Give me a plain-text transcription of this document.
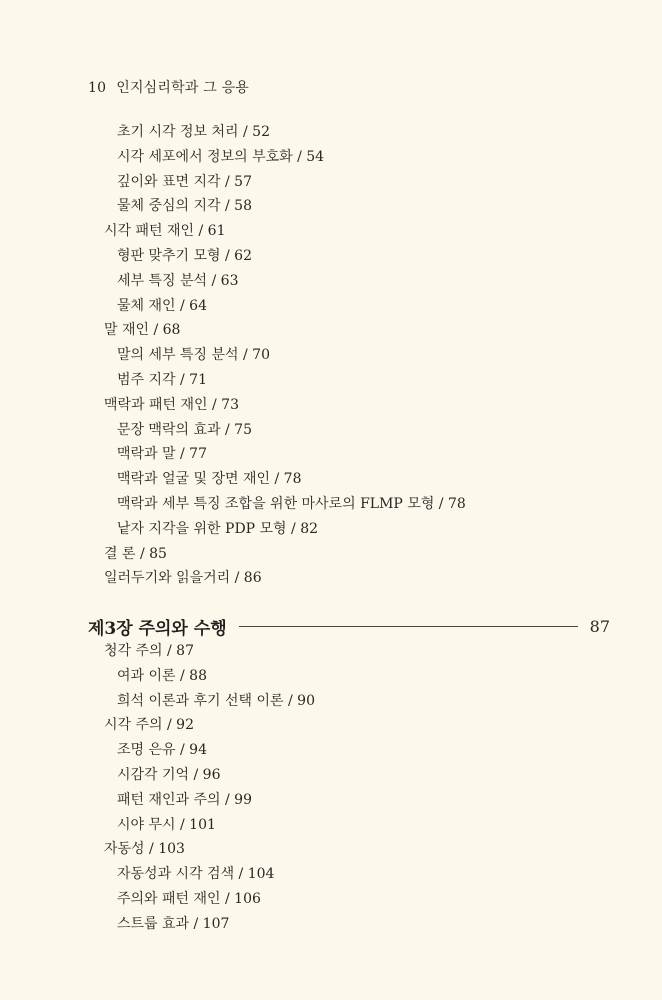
10 인지심리학과 그 응용
초기 시각 정보 처리 / 52
시각 세포에서 정보의 부호화 / 54
깊이와 표면 지각 / 57
물체 중심의 지각 / 58
시각 패턴 재인 / 61
형판 맞추기 모형 / 62
세부 특징 분석 / 63
물체 재인 / 64
말 재인 / 68
말의 세부 특징 분석 / 70
범주 지각 / 71
맥락과 패턴 재인 / 73
문장 맥락의 효과 / 75
맥락과 말 / 77
맥락과 얼굴 및 장면 재인 / 78
맥락과 세부 특징 조합을 위한 마사로의 FLMP 모형 / 78
낱자 지각을 위한 PDP 모형 / 82
결 론 / 85
일러두기와 읽을거리 / 86
제3장 주의와 수행	87
청각 주의 / 87
여과 이론 / 88
희석 이론과 후기 선택 이론 / 90
시각 주의 / 92
조명 은유 / 94
시감각 기억 / 96
패턴 재인과 주의 / 99
시야 무시 / 101
자동성 / 103
자동성과 시각 검색 / 104
주의와 패턴 재인 / 106
스트룹 효과 / 107
